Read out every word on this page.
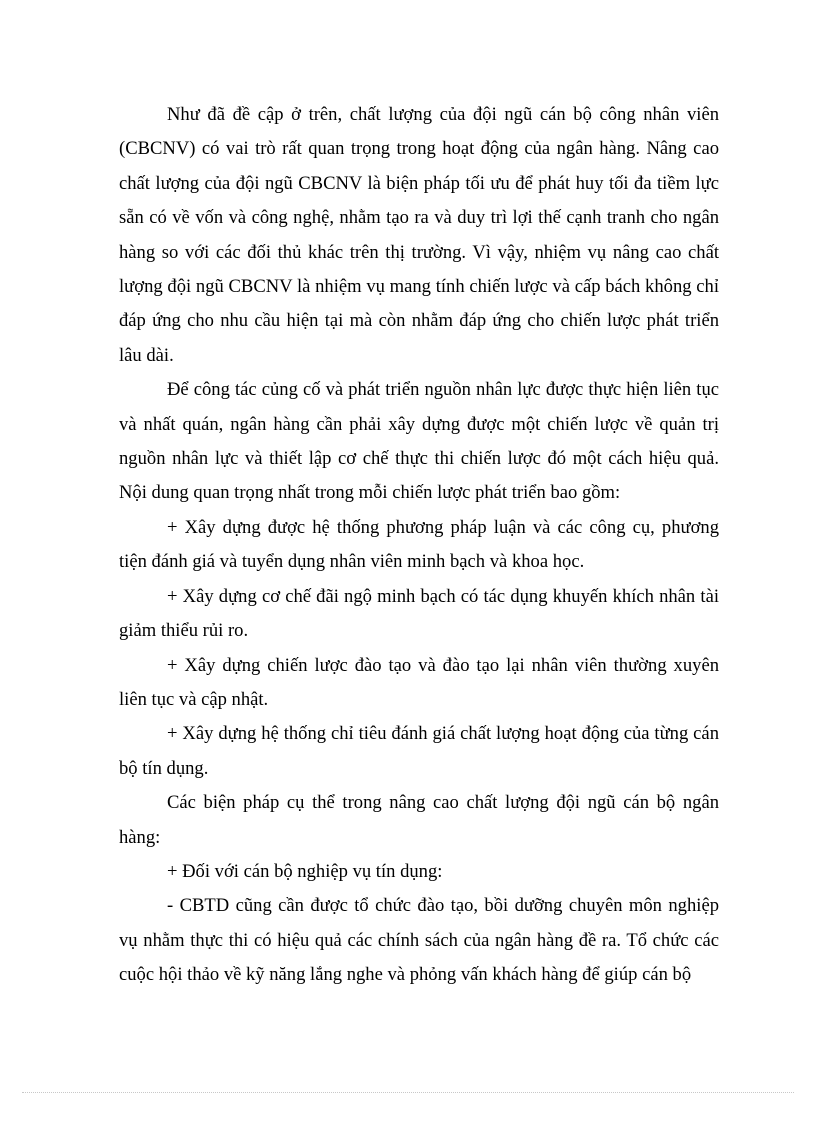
Như đã đề cập ở trên, chất lượng của đội ngũ cán bộ công nhân viên (CBCNV) có vai trò rất quan trọng trong hoạt động của ngân hàng. Nâng cao chất lượng của đội ngũ CBCNV là biện pháp tối ưu để phát huy tối đa tiềm lực sẵn có về vốn và công nghệ, nhằm tạo ra và duy trì lợi thế cạnh tranh cho ngân hàng so với các đối thủ khác trên thị trường. Vì vậy, nhiệm vụ nâng cao chất lượng đội ngũ CBCNV là nhiệm vụ mang tính chiến lược và cấp bách không chỉ đáp ứng cho nhu cầu hiện tại mà còn nhằm đáp ứng cho chiến lược phát triển lâu dài.

Để công tác củng cố và phát triển nguồn nhân lực được thực hiện liên tục và nhất quán, ngân hàng cần phải xây dựng được một chiến lược về quản trị nguồn nhân lực và thiết lập cơ chế thực thi chiến lược đó một cách hiệu quả. Nội dung quan trọng nhất trong mỗi chiến lược phát triển bao gồm:

+ Xây dựng được hệ thống phương pháp luận và các công cụ, phương tiện đánh giá và tuyển dụng nhân viên minh bạch và khoa học.

+ Xây dựng cơ chế đãi ngộ minh bạch có tác dụng khuyến khích nhân tài giảm thiểu rủi ro.

+ Xây dựng chiến lược đào tạo và đào tạo lại nhân viên thường xuyên liên tục và cập nhật.

+ Xây dựng hệ thống chỉ tiêu đánh giá chất lượng hoạt động của từng cán bộ tín dụng.

Các biện pháp cụ thể trong nâng cao chất lượng đội ngũ cán bộ ngân hàng:

+ Đối với cán bộ nghiệp vụ tín dụng:

- CBTD cũng cần được tổ chức đào tạo, bồi dưỡng chuyên môn nghiệp vụ nhằm thực thi có hiệu quả các chính sách của ngân hàng đề ra. Tổ chức các cuộc hội thảo về kỹ năng lắng nghe và phỏng vấn khách hàng để giúp cán bộ
